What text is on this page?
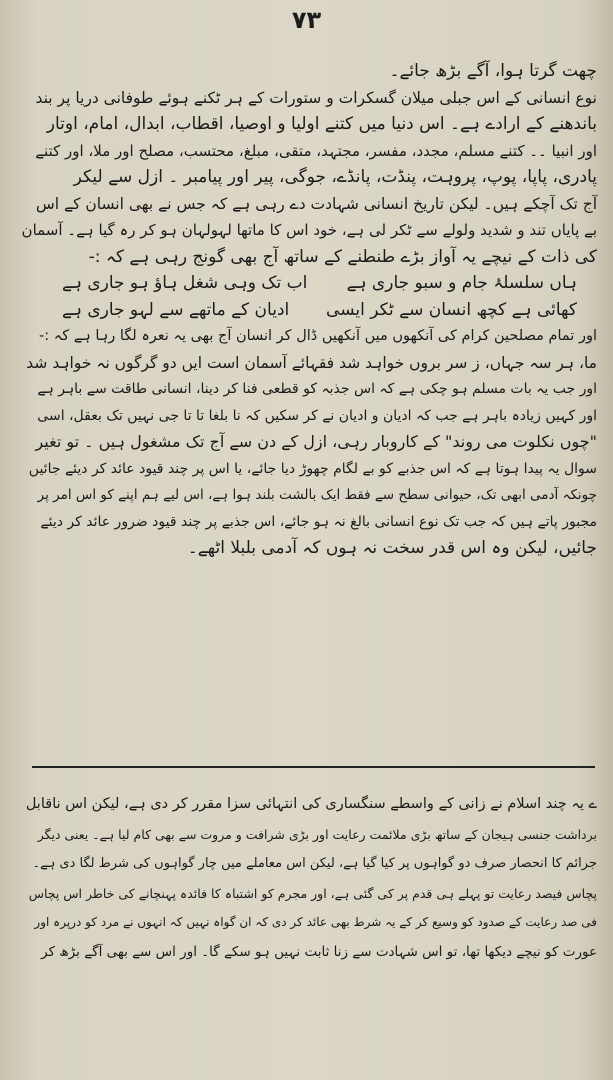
۷۳
چھت گرتا ہوا، آگے بڑھ جائے۔
نوع انسانی کے اس جبلی میلان گسکرات و ستورات کے ہر ٹکنے ہوئے طوفانی دریا پر بند
باندھنے کے ارادے ہے۔ اس دنیا میں کتنے اولیا و اوصیا، اقطاب، ابدال، امام، اوتار
اور انبیا ۔۔ کتنے مسلم، مجدد، مفسر، مجتہد، متقی، مبلغ، محتسب، مصلح اور ملا، اور کتنے
پادری، پاپا، پوپ، پروہت، پنڈت، پانڈے، جوگی، پیر اور پیامبر ۔ ازل سے لیکر
آج تک آچکے ہیں۔ لیکن تاریخ انسانی شہادت دے رہی ہے کہ جس نے بھی انسان کے اس
بے پایاں تند و شدید ولولے سے ٹکر لی ہے، خود اس کا ماتھا لہولہان ہو کر رہ گیا ہے۔ آسمان
کی ذات کے نیچے یہ آواز بڑے طنطنے کے ساتھ آج بھی گونج رہی ہے کہ :-
ہاں سلسلۂ جام و سبو جاری ہے
اب تک وہی شغل ہاؤ ہو جاری ہے
کھائی ہے کچھ انسان سے ٹکر ایسی
ادیان کے ماتھے سے لہو جاری ہے
اور تمام مصلحین کرام کی آنکھوں میں آنکھیں ڈال کر انسان آج بھی یہ نعرہ لگا رہا ہے کہ :-
ما، ہر سہ جہاں، ز سر بروں خواہد شد فقہائے آسمان است ایں دو گرگوں نہ خواہد شد
اور جب یہ بات مسلم ہو چکی ہے کہ اس جذبہ کو قطعی فنا کر دینا، انسانی طاقت سے باہر ہے
اور کہیں زیادہ باہر ہے جب کہ ادیان و ادیان نے کر سکیں کہ نا بلغا تا تا جی نہیں تک بعقل، اسی
"چوں نکلوت می روند" کے کاروبار رہی، ازل کے دن سے آج تک مشغول ہیں ۔ تو تغیر
سوال یہ پیدا ہوتا ہے کہ اس جذبے کو بے لگام چھوڑ دیا جائے، یا اس پر چند قیود عائد کر دیئے جائیں
چونکہ آدمی ابھی تک، حیوانی سطح سے فقط ایک بالشت بلند ہوا ہے، اس لیے ہم اپنے کو اس امر پر
مجبور پاتے ہیں کہ جب تک نوع انسانی بالغ نہ ہو جائے، اس جذبے پر چند قیود ضرور عائد کر دیئے
جائیں، لیکن وہ اس قدر سخت نہ ہوں کہ آدمی بلبلا اٹھے۔
ے یہ چند اسلام نے زانی کے واسطے سنگساری کی انتہائی سزا مقرر کر دی ہے، لیکن اس ناقابل
برداشت جنسی ہیجان کے ساتھ بڑی ملائمت رعایت اور بڑی شرافت و مروت سے بھی کام لیا ہے۔ یعنی دیگر
جرائم کا انحصار صرف دو گواہوں پر کیا گیا ہے، لیکن اس معاملے میں چار گواہوں کی شرط لگا دی ہے۔
پچاس فیصد رعایت تو پہلے ہی قدم پر کی گئی ہے، اور مجرم کو اشتباہ کا فائدہ پہنچانے کی خاطر اس پچاس
فی صد رعایت کے صدود کو وسیع کر کے یہ شرط بھی عائد کر دی کہ ان گواہ نہیں کہ انہوں نے مرد کو درپرہ اور
عورت کو نیچے دیکھا تھا، تو اس شہادت سے زنا ثابت نہیں ہو سکے گا۔ اور اس سے بھی آگے بڑھ کر
